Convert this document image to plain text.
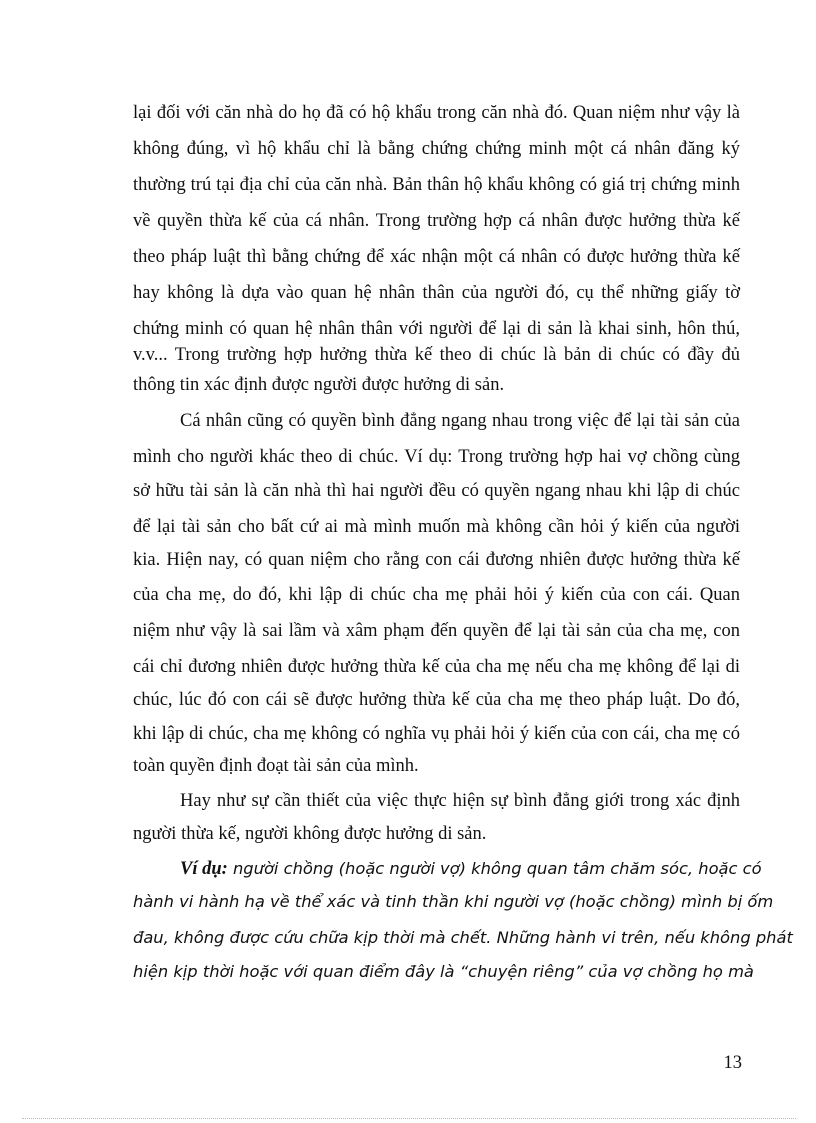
lại đối với căn nhà do họ đã có hộ khẩu trong căn nhà đó. Quan niệm như vậy là
không đúng, vì hộ khẩu chỉ là bằng chứng chứng minh một cá nhân đăng ký
thường trú tại địa chỉ của căn nhà. Bản thân hộ khẩu không có giá trị chứng minh
về quyền thừa kế của cá nhân. Trong trường hợp cá nhân được hưởng thừa kế
theo pháp luật thì bằng chứng để xác nhận một cá nhân có được hưởng thừa kế
hay không là dựa vào quan hệ nhân thân của người đó, cụ thể những giấy tờ
chứng minh có quan hệ nhân thân với người để lại di sản là khai sinh, hôn thú,
v.v... Trong trường hợp hưởng thừa kế theo di chúc là bản di chúc có đầy đủ
thông tin xác định được người được hưởng di sản.
Cá nhân cũng có quyền bình đẳng ngang nhau trong việc để lại tài sản của
mình cho người khác theo di chúc. Ví dụ: Trong trường hợp hai vợ chồng cùng
sở hữu tài sản là căn nhà thì hai người đều có quyền ngang nhau khi lập di chúc
để lại tài sản cho bất cứ ai mà mình muốn mà không cần hỏi ý kiến của người
kia. Hiện nay, có quan niệm cho rằng con cái đương nhiên được hưởng thừa kế
của cha mẹ, do đó, khi lập di chúc cha mẹ phải hỏi ý kiến của con cái. Quan
niệm như vậy là sai lầm và xâm phạm đến quyền để lại tài sản của cha mẹ, con
cái chỉ đương nhiên được hưởng thừa kế của cha mẹ nếu cha mẹ không để lại di
chúc, lúc đó con cái sẽ được hưởng thừa kế của cha mẹ theo pháp luật. Do đó,
khi lập di chúc, cha mẹ không có nghĩa vụ phải hỏi ý kiến của con cái, cha mẹ có
toàn quyền định đoạt tài sản của mình.
Hay như sự cần thiết của việc thực hiện sự bình đẳng giới trong xác định
người thừa kế, người không được hưởng di sản.
Ví dụ: người chồng (hoặc người vợ) không quan tâm chăm sóc, hoặc có
hành vi hành hạ về thể xác và tinh thần khi người vợ (hoặc chồng) mình bị ốm
đau, không được cứu chữa kịp thời mà chết. Những hành vi trên, nếu không phát
hiện kịp thời hoặc với quan điểm đây là “chuyện riêng” của vợ chồng họ mà
13
